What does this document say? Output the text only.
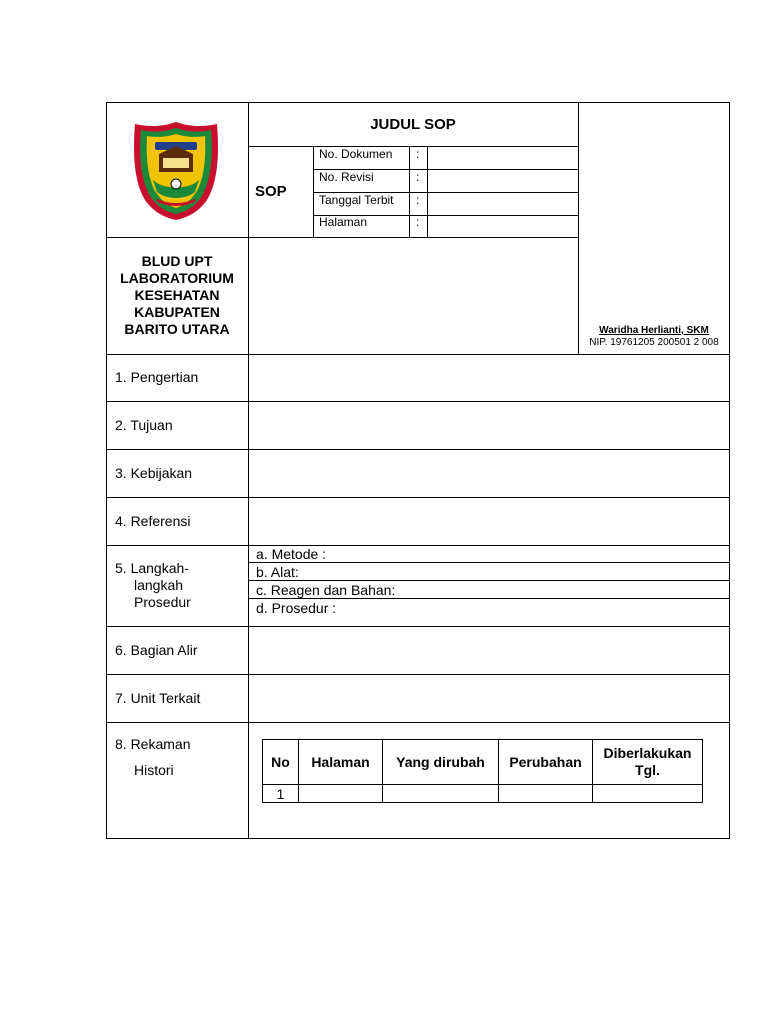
JUDUL SOP
SOP
No. Dokumen :
No. Revisi	:
Tanggal Terbit :
Halaman	:
BLUD UPT
LABORATORIUM
KESEHATAN
KABUPATEN
BARITO UTARA	Waridha Herlianti, SKM
NIP. 19761205 200501 2 008
1. Pengertian
2. Tujuan
3. Kebijakan
4. Referensi
5. Langkah-
langkah
Prosedur
a. Metode :
b. Alat:
c. Reagen dan Bahan:
d. Prosedur :
6. Bagian Alir
7. Unit Terkait
8. Rekaman
Histori	No	Halaman	Yang dirubah	Perubahan	Diberlakukan Tgl.
1				
